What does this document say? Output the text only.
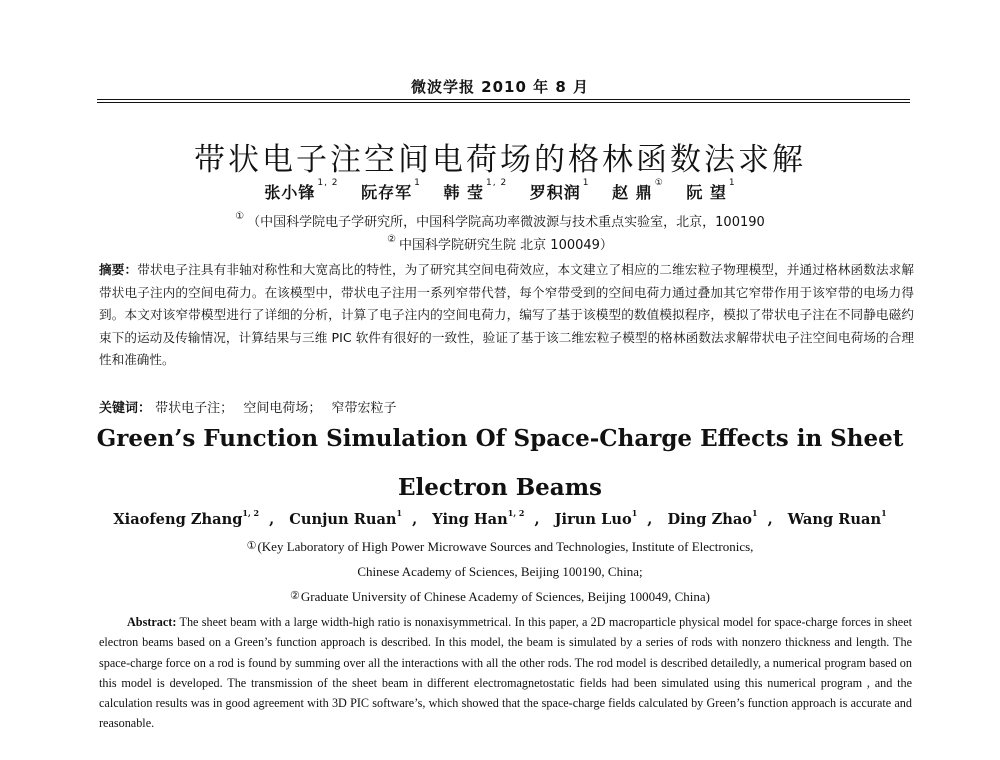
微波学报 2010 年 8 月
带状电子注空间电荷场的格林函数法求解
张小锋 $^{1, 2}$ 阮存军 $^1$ 韩 莹 $^{1, 2}$ 罗积润 $^1$ 赵 鼎 ① 阮 望 $^1$
① （中国科学院电子学研究所，中国科学院高功率微波源与技术重点实验室，北京，100190
② 中国科学院研究生院 北京 100049）
摘要：带状电子注具有非轴对称性和大宽高比的特性，为了研究其空间电荷效应，本文建立了相应的二维宏粒子物理模型，并通过格林函数法求解带状电子注内的空间电荷力。在该模型中，带状电子注用一系列窄带代替，每个窄带受到的空间电荷力通过叠加其它窄带作用于该窄带的电场力得到。本文对该窄带模型进行了详细的分析，计算了电子注内的空间电荷力，编写了基于该模型的数值模拟程序，模拟了带状电子注在不同静电磁约束下的运动及传输情况，计算结果与三维 PIC 软件有很好的一致性，验证了基于该二维宏粒子模型的格林函数法求解带状电子注空间电荷场的合理性和准确性。
关键词： 带状电子注； 空间电荷场； 窄带宏粒子
Green’s Function Simulation Of Space-Charge Effects in Sheet
Electron Beams
Xiaofeng Zhang$^{1, 2}$ , Cunjun Ruan$^1$ , Ying Han$^{1, 2}$ , Jirun Luo$^1$ , Ding Zhao$^1$ , Wang Ruan$^1$
①(Key Laboratory of High Power Microwave Sources and Technologies, Institute of Electronics,
Chinese Academy of Sciences, Beijing 100190, China;
②Graduate University of Chinese Academy of Sciences, Beijing 100049, China)
Abstract: The sheet beam with a large width-high ratio is nonaxisymmetrical. In this paper, a 2D macroparticle physical model for space-charge forces in sheet electron beams based on a Green’s function approach is described. In this model, the beam is simulated by a series of rods with nonzero thickness and length. The space-charge force on a rod is found by summing over all the interactions with all the other rods. The rod model is described detailedly, a numerical program based on this model is developed. The transmission of the sheet beam in different electromagnetostatic fields had been simulated using this numerical program , and the calculation results was in good agreement with 3D PIC software’s, which showed that the space-charge fields calculated by Green’s function approach is accurate and reasonable.
